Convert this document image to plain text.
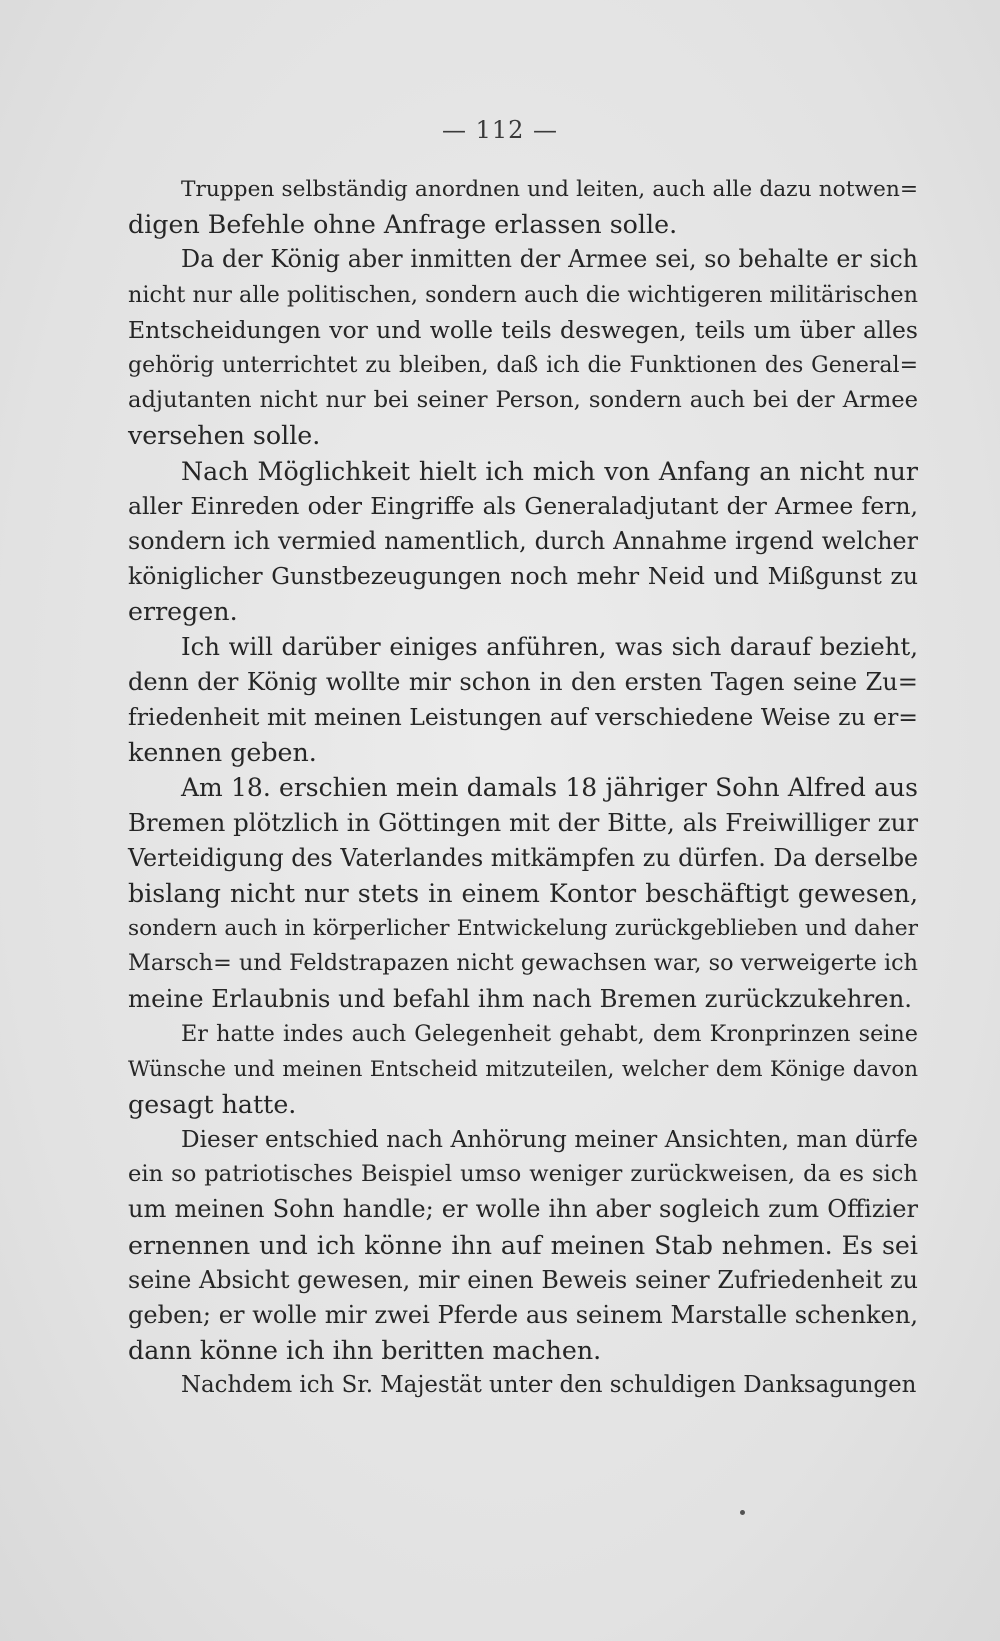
— 112 —
Truppen selbständig anordnen und leiten, auch alle dazu notwen=
digen Befehle ohne Anfrage erlassen solle.
Da der König aber inmitten der Armee sei, so behalte er sich
nicht nur alle politischen, sondern auch die wichtigeren militärischen
Entscheidungen vor und wolle teils deswegen, teils um über alles
gehörig unterrichtet zu bleiben, daß ich die Funktionen des General=
adjutanten nicht nur bei seiner Person, sondern auch bei der Armee
versehen solle.
Nach Möglichkeit hielt ich mich von Anfang an nicht nur
aller Einreden oder Eingriffe als Generaladjutant der Armee fern,
sondern ich vermied namentlich, durch Annahme irgend welcher
königlicher Gunstbezeugungen noch mehr Neid und Mißgunst zu
erregen.
Ich will darüber einiges anführen, was sich darauf bezieht,
denn der König wollte mir schon in den ersten Tagen seine Zu=
friedenheit mit meinen Leistungen auf verschiedene Weise zu er=
kennen geben.
Am 18. erschien mein damals 18 jähriger Sohn Alfred aus
Bremen plötzlich in Göttingen mit der Bitte, als Freiwilliger zur
Verteidigung des Vaterlandes mitkämpfen zu dürfen. Da derselbe
bislang nicht nur stets in einem Kontor beschäftigt gewesen,
sondern auch in körperlicher Entwickelung zurückgeblieben und daher
Marsch= und Feldstrapazen nicht gewachsen war, so verweigerte ich
meine Erlaubnis und befahl ihm nach Bremen zurückzukehren.
Er hatte indes auch Gelegenheit gehabt, dem Kronprinzen seine
Wünsche und meinen Entscheid mitzuteilen, welcher dem Könige davon
gesagt hatte.
Dieser entschied nach Anhörung meiner Ansichten, man dürfe
ein so patriotisches Beispiel umso weniger zurückweisen, da es sich
um meinen Sohn handle; er wolle ihn aber sogleich zum Offizier
ernennen und ich könne ihn auf meinen Stab nehmen. Es sei
seine Absicht gewesen, mir einen Beweis seiner Zufriedenheit zu
geben; er wolle mir zwei Pferde aus seinem Marstalle schenken,
dann könne ich ihn beritten machen.
Nachdem ich Sr. Majestät unter den schuldigen Danksagungen
